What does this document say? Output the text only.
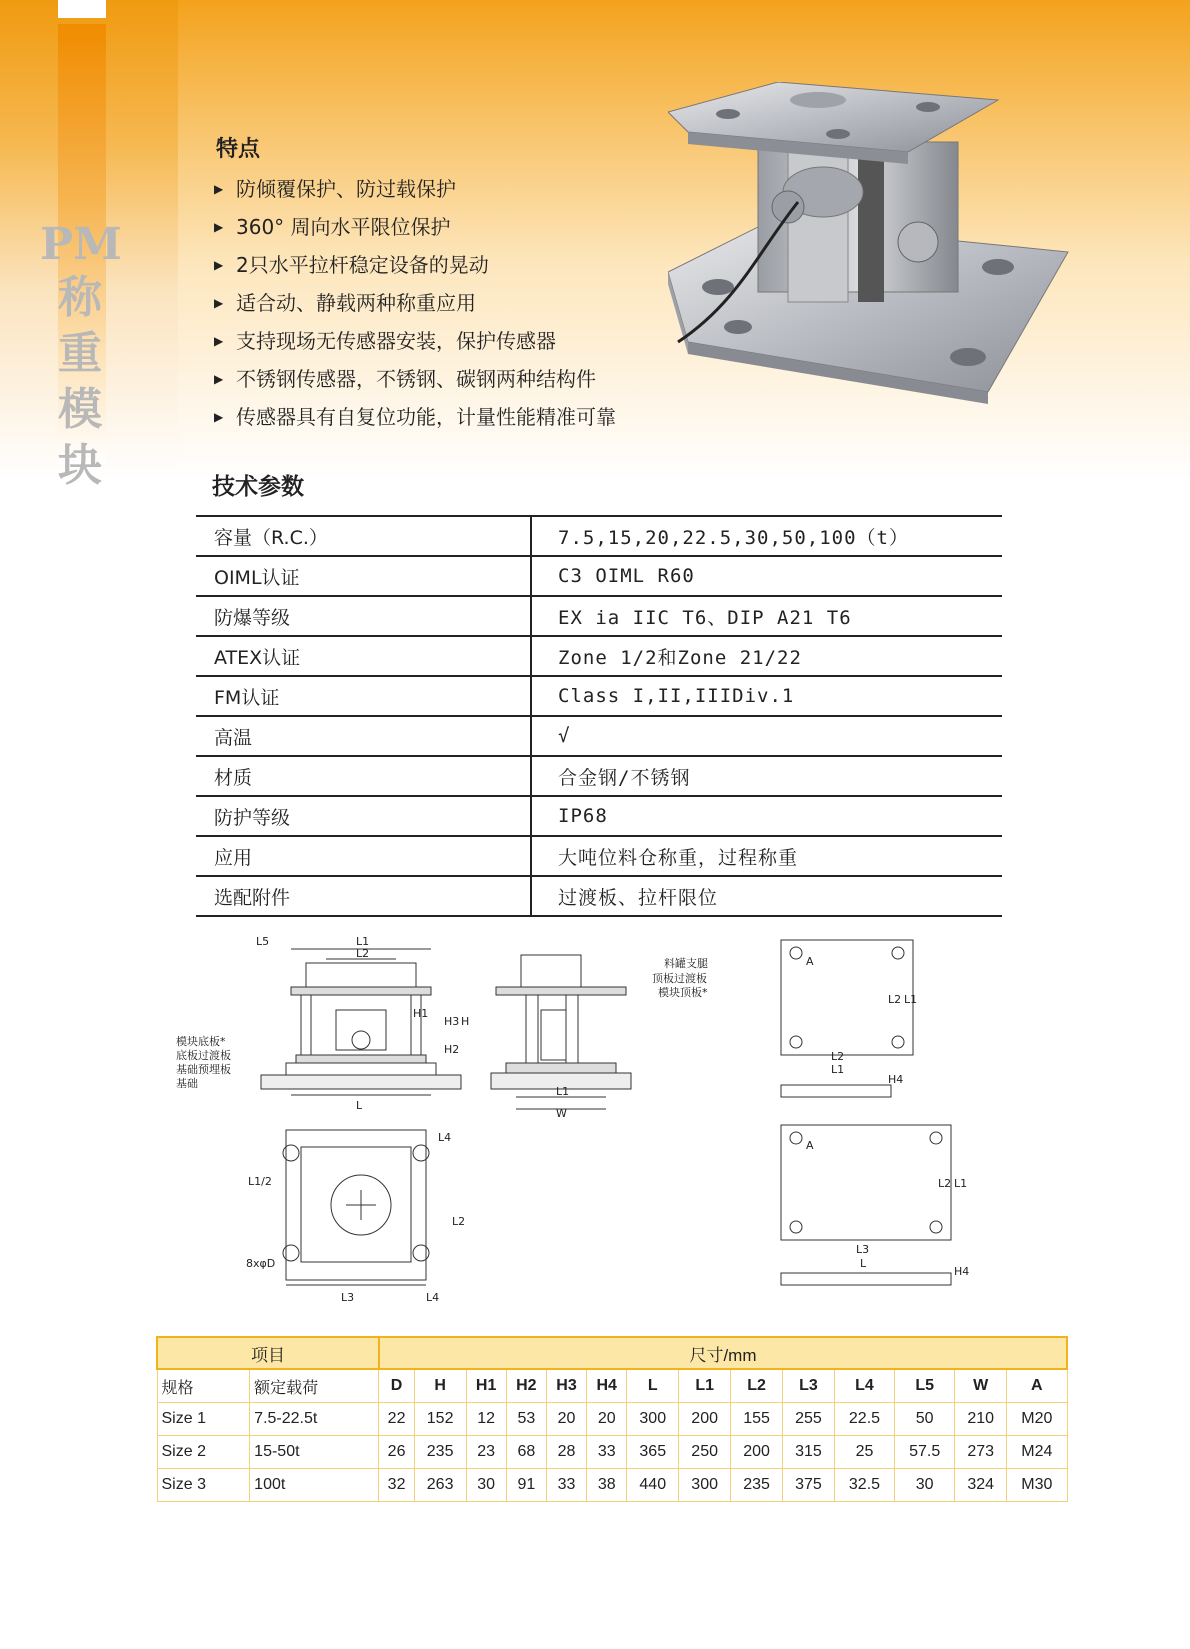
PM
称
重
模
块
特点
▶ 防倾覆保护、防过载保护
▶ 360° 周向水平限位保护
▶ 2只水平拉杆稳定设备的晃动
▶ 适合动、静载两种称重应用
▶ 支持现场无传感器安装，保护传感器
▶ 不锈钢传感器，不锈钢、碳钢两种结构件
▶ 传感器具有自复位功能，计量性能精准可靠
技术参数
容量（R.C.）	7.5,15,20,22.5,30,50,100（t）
OIML认证	C3 OIML R60
防爆等级	EX ia IIC T6、DIP A21 T6
ATEX认证	Zone 1/2和Zone 21/22
FM认证	Class I,II,IIIDiv.1
高温	√
材质	合金钢/不锈钢
防护等级	IP68
应用	大吨位料仓称重，过程称重
选配附件	过渡板、拉杆限位
L5	L1
L2
H1
H3 H
H2
L
模块底板*
底板过渡板
基础预埋板
基础
料罐支腿
顶板过渡板
模块顶板*
L1
W
L4
L1/2
L2
8xφD
L3	L4
A
L2 L1
L2
L1
H4
A
L2 L1
L3
L
H4
项目		尺寸/mm													
规格	额定载荷	D	H	H1	H2	H3	H4	L	L1	L2	L3	L4	L5	W	A
Size 1	7.5-22.5t	22	152	12	53	20	20	300	200	155	255	22.5	50	210	M20
Size 2	15-50t	26	235	23	68	28	33	365	250	200	315	25	57.5	273	M24
Size 3	100t	32	263	30	91	33	38	440	300	235	375	32.5	30	324	M30
